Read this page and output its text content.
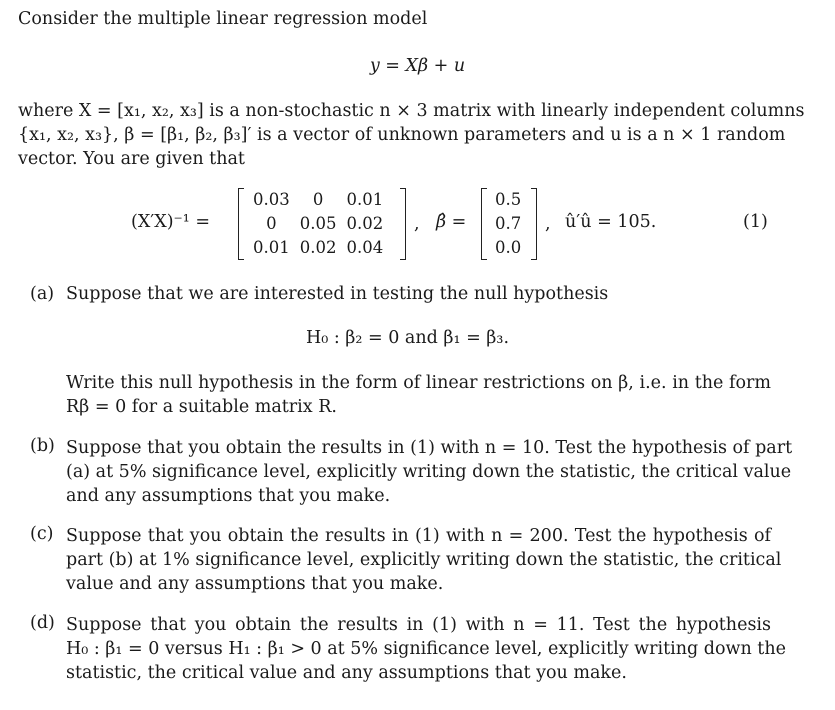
Consider the multiple linear regression model
y = Xβ + u
where X = [x₁, x₂, x₃] is a non-stochastic n × 3 matrix with linearly independent columns
{x₁, x₂, x₃}, β = [β₁, β₂, β₃]′ is a vector of unknown parameters and u is a n × 1 random
vector. You are given that
(X′X)⁻¹ =
0.03	0	0.01
0	0.05	0.02
0.01	0.02	0.04
, β̂ =
0.5
0.7
0.0
, û′û = 105.	(1)
(a) Suppose that we are interested in testing the null hypothesis
H₀ : β₂ = 0 and β₁ = β₃.
Write this null hypothesis in the form of linear restrictions on β, i.e. in the form
Rβ = 0 for a suitable matrix R.
(b) Suppose that you obtain the results in (1) with n = 10. Test the hypothesis of part
(a) at 5% significance level, explicitly writing down the statistic, the critical value
and any assumptions that you make.
(c) Suppose that you obtain the results in (1) with n = 200. Test the hypothesis of
part (b) at 1% significance level, explicitly writing down the statistic, the critical
value and any assumptions that you make.
(d) Suppose that you obtain the results in (1) with n = 11. Test the hypothesis
H₀ : β₁ = 0 versus H₁ : β₁ > 0 at 5% significance level, explicitly writing down the
statistic, the critical value and any assumptions that you make.
